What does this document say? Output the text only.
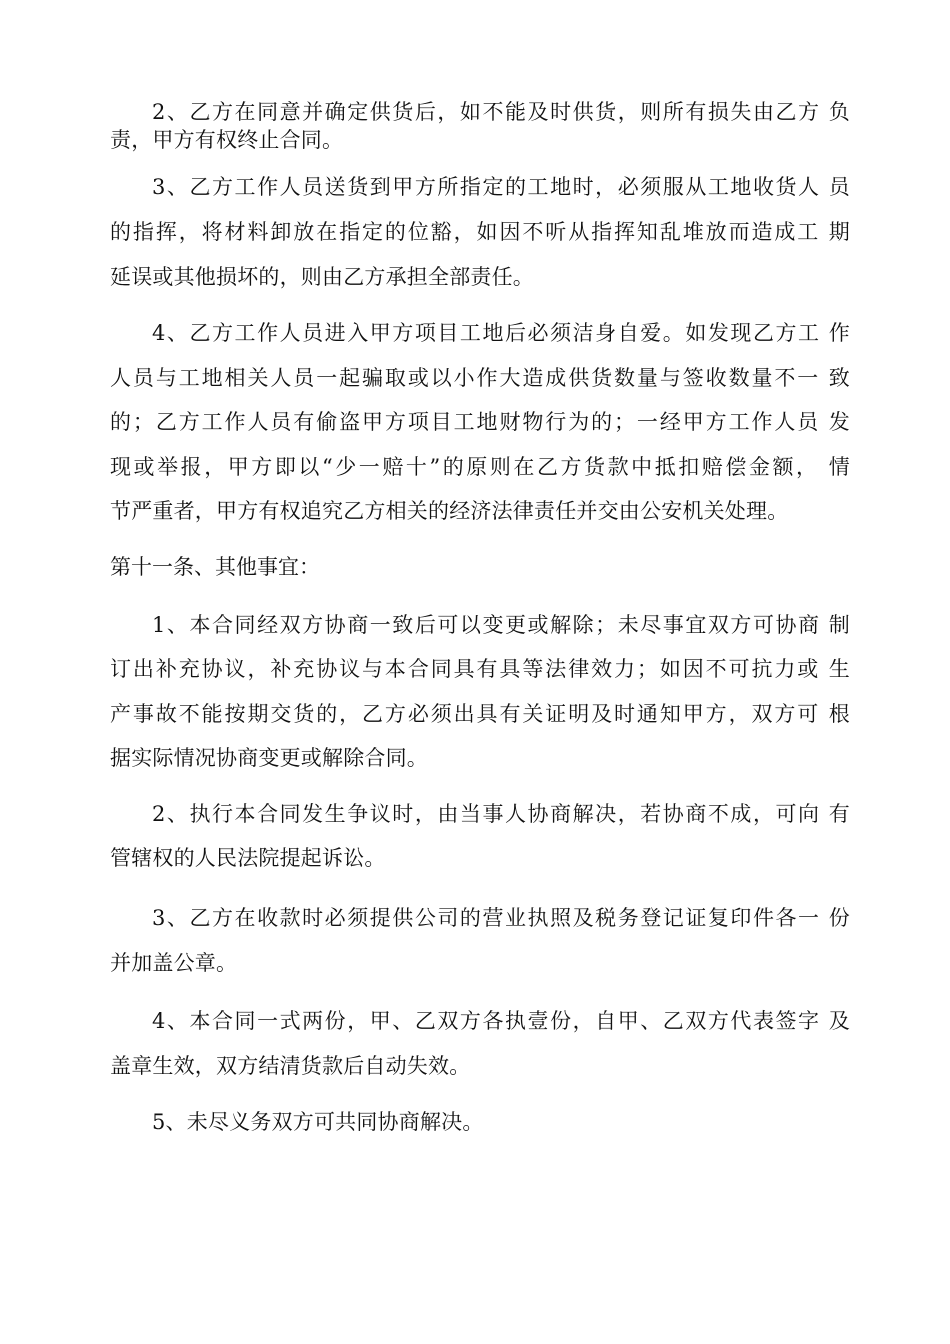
2、乙方在同意并确定供货后，如不能及时供货，则所有损失由乙方 负
责，甲方有权终止合同。
3、乙方工作人员送货到甲方所指定的工地时，必须服从工地收货人 员
的指挥，将材料卸放在指定的位豁，如因不听从指挥知乱堆放而造成工 期
延误或其他损坏的，则由乙方承担全部责任。
4、乙方工作人员进入甲方项目工地后必须洁身自爱。如发现乙方工 作
人员与工地相关人员一起骗取或以小作大造成供货数量与签收数量不一 致
的；乙方工作人员有偷盗甲方项目工地财物行为的；一经甲方工作人员 发
现或举报，甲方即以“少一赔十”的原则在乙方货款中抵扣赔偿金额， 情
节严重者，甲方有权追究乙方相关的经济法律责任并交由公安机关处理。
第十一条、其他事宜：
1、本合同经双方协商一致后可以变更或解除；未尽事宜双方可协商 制
订出补充协议，补充协议与本合同具有具等法律效力；如因不可抗力或 生
产事故不能按期交货的，乙方必须出具有关证明及时通知甲方，双方可 根
据实际情况协商变更或解除合同。
2、执行本合同发生争议时，由当事人协商解决，若协商不成，可向 有
管辖权的人民法院提起诉讼。
3、乙方在收款时必须提供公司的营业执照及税务登记证复印件各一 份
并加盖公章。
4、本合同一式两份，甲、乙双方各执壹份，自甲、乙双方代表签字 及
盖章生效，双方结清货款后自动失效。
5、未尽义务双方可共同协商解决。
